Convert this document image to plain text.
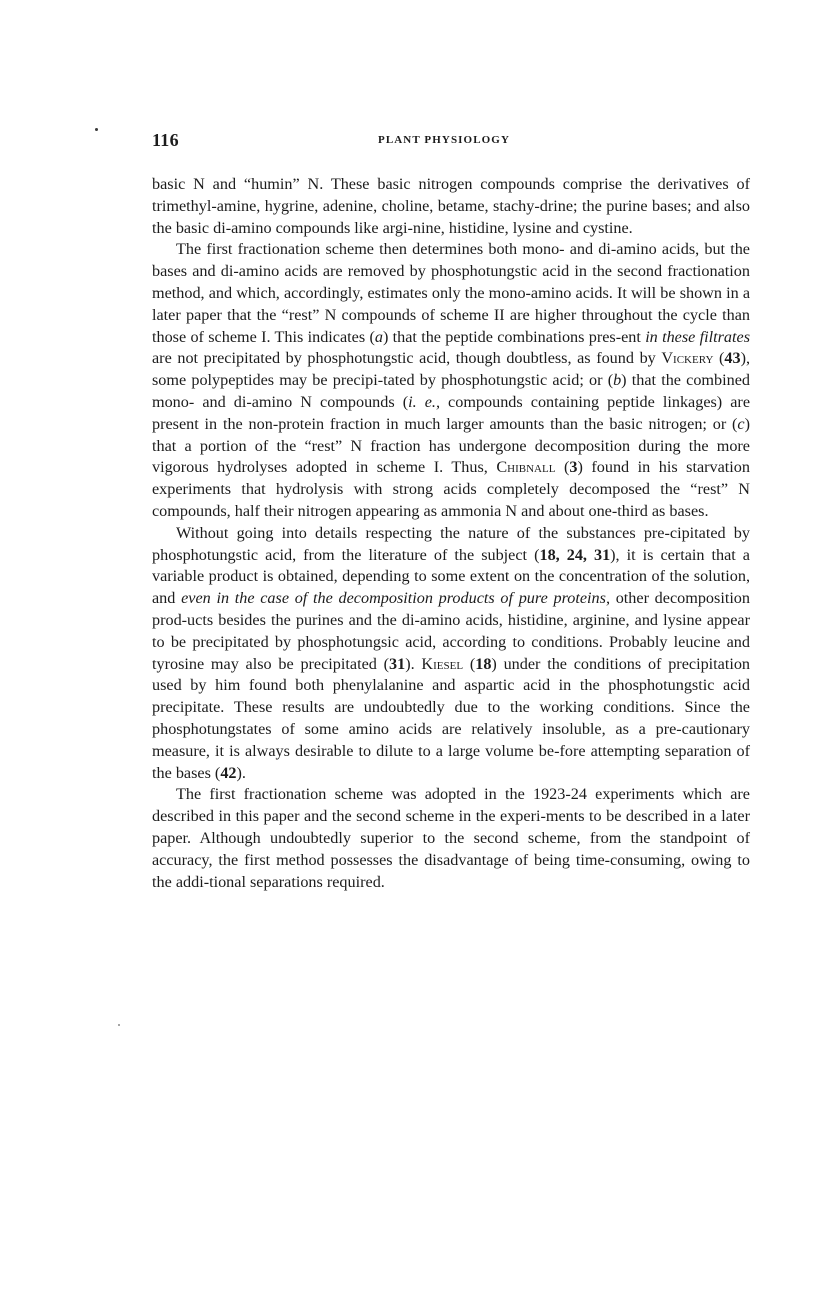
116	PLANT PHYSIOLOGY

basic N and “humin” N. These basic nitrogen compounds comprise the derivatives of trimethyl-amine, hygrine, adenine, choline, betame, stachy-drine; the purine bases; and also the basic di-amino compounds like argi-nine, histidine, lysine and cystine.

The first fractionation scheme then determines both mono- and di-amino acids, but the bases and di-amino acids are removed by phosphotungstic acid in the second fractionation method, and which, accordingly, estimates only the mono-amino acids. It will be shown in a later paper that the “rest” N compounds of scheme II are higher throughout the cycle than those of scheme I. This indicates (a) that the peptide combinations pres-ent in these filtrates are not precipitated by phosphotungstic acid, though doubtless, as found by Vickery (43), some polypeptides may be precipi-tated by phosphotungstic acid; or (b) that the combined mono- and di-amino N compounds (i. e., compounds containing peptide linkages) are present in the non-protein fraction in much larger amounts than the basic nitrogen; or (c) that a portion of the “rest” N fraction has undergone decomposition during the more vigorous hydrolyses adopted in scheme I. Thus, Chibnall (3) found in his starvation experiments that hydrolysis with strong acids completely decomposed the “rest” N compounds, half their nitrogen appearing as ammonia N and about one-third as bases.

Without going into details respecting the nature of the substances pre-cipitated by phosphotungstic acid, from the literature of the subject (18, 24, 31), it is certain that a variable product is obtained, depending to some extent on the concentration of the solution, and even in the case of the decomposition products of pure proteins, other decomposition prod-ucts besides the purines and the di-amino acids, histidine, arginine, and lysine appear to be precipitated by phosphotungsic acid, according to conditions. Probably leucine and tyrosine may also be precipitated (31). Kiesel (18) under the conditions of precipitation used by him found both phenylalanine and aspartic acid in the phosphotungstic acid precipitate. These results are undoubtedly due to the working conditions. Since the phosphotungstates of some amino acids are relatively insoluble, as a pre-cautionary measure, it is always desirable to dilute to a large volume be-fore attempting separation of the bases (42).

The first fractionation scheme was adopted in the 1923-24 experiments which are described in this paper and the second scheme in the experi-ments to be described in a later paper. Although undoubtedly superior to the second scheme, from the standpoint of accuracy, the first method possesses the disadvantage of being time-consuming, owing to the addi-tional separations required.
